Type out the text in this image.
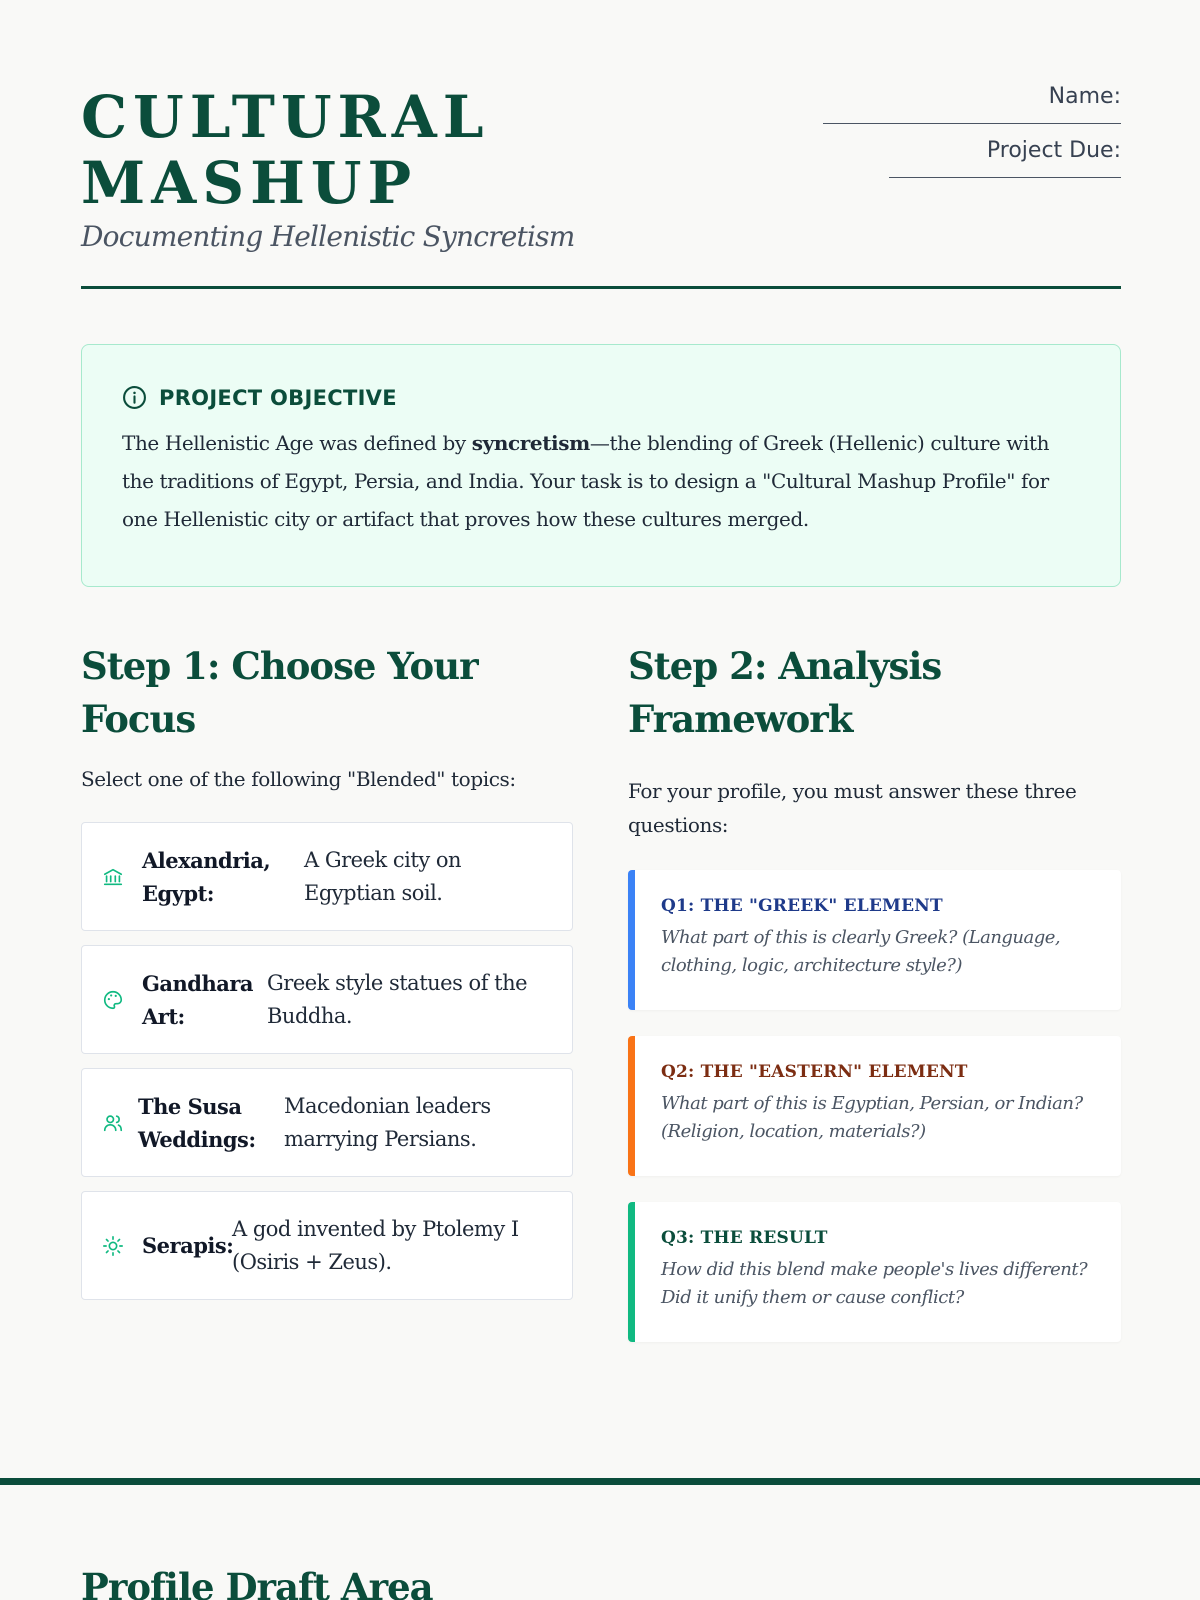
CULTURAL
MASHUP
Documenting Hellenistic Syncretism
Name:
Project Due:
PROJECT OBJECTIVE

The Hellenistic Age was defined by syncretism—the blending of Greek (Hellenic) culture with the traditions of Egypt, Persia, and India. Your task is to design a "Cultural Mashup Profile" for one Hellenistic city or artifact that proves how these cultures merged.

Step 1: Choose Your Focus

Select one of the following "Blended" topics:

Alexandria, Egypt:
A Greek city on Egyptian soil.
Gandhara Art:
Greek style statues of the Buddha.
The Susa Weddings:
Macedonian leaders marrying Persians.
Serapis:
A god invented by Ptolemy I (Osiris + Zeus).
Step 2: Analysis Framework

For your profile, you must answer these three questions:

Q1: THE "GREEK" ELEMENT
What part of this is clearly Greek? (Language, clothing, logic, architecture style?)
Q2: THE "EASTERN" ELEMENT
What part of this is Egyptian, Persian, or Indian? (Religion, location, materials?)
Q3: THE RESULT
How did this blend make people's lives different? Did it unify them or cause conflict?
Profile Draft Area
